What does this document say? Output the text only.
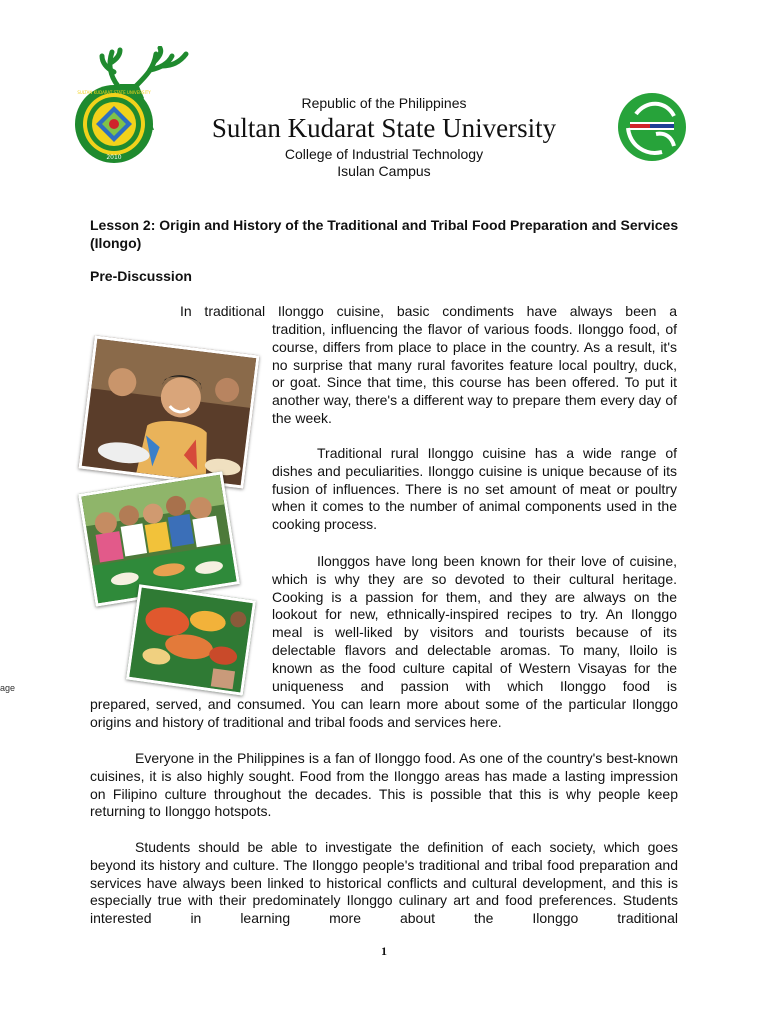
SULTAN KUDARAT STATE UNIVERSITY
2010
Republic of the Philippines
Sultan Kudarat State University
College of Industrial Technology
Isulan Campus
Lesson 2: Origin and History of the Traditional and Tribal Food Preparation and Services (Ilongo)
Pre-Discussion

In traditional Ilonggo cuisine, basic condiments have always been a

tradition, influencing the flavor of various foods. Ilonggo food, of course, differs from place to place in the country. As a result, it's no surprise that many rural favorites feature local poultry, duck, or goat. Since that time, this course has been offered. To put it another way, there's a different way to prepare them every day of the week.

Traditional rural Ilonggo cuisine has a wide range of dishes and peculiarities. Ilonggo cuisine is unique because of its fusion of influences. There is no set amount of meat or poultry when it comes to the number of animal components used in the cooking process.

Ilonggos have long been known for their love of cuisine, which is why they are so devoted to their cultural heritage. Cooking is a passion for them, and they are always on the lookout for new, ethnically-inspired recipes to try. An Ilonggo meal is well-liked by visitors and tourists because of its delectable flavors and delectable aromas. To many, Iloilo is known as the food culture capital of Western Visayas for the uniqueness and passion with which Ilonggo food is

prepared, served, and consumed. You can learn more about some of the particular Ilonggo origins and history of traditional and tribal foods and services here.

Everyone in the Philippines is a fan of Ilonggo food. As one of the country's best-known cuisines, it is also highly sought. Food from the Ilonggo areas has made a lasting impression on Filipino culture throughout the decades. This is possible that this is why people keep returning to Ilonggo hotspots.

Students should be able to investigate the definition of each society, which goes beyond its history and culture. The Ilonggo people's traditional and tribal food preparation and services have always been linked to historical conflicts and cultural development, and this is especially true with their predominately Ilonggo culinary art and food preferences. Students interested in learning more about the Ilonggo traditional

age
1
